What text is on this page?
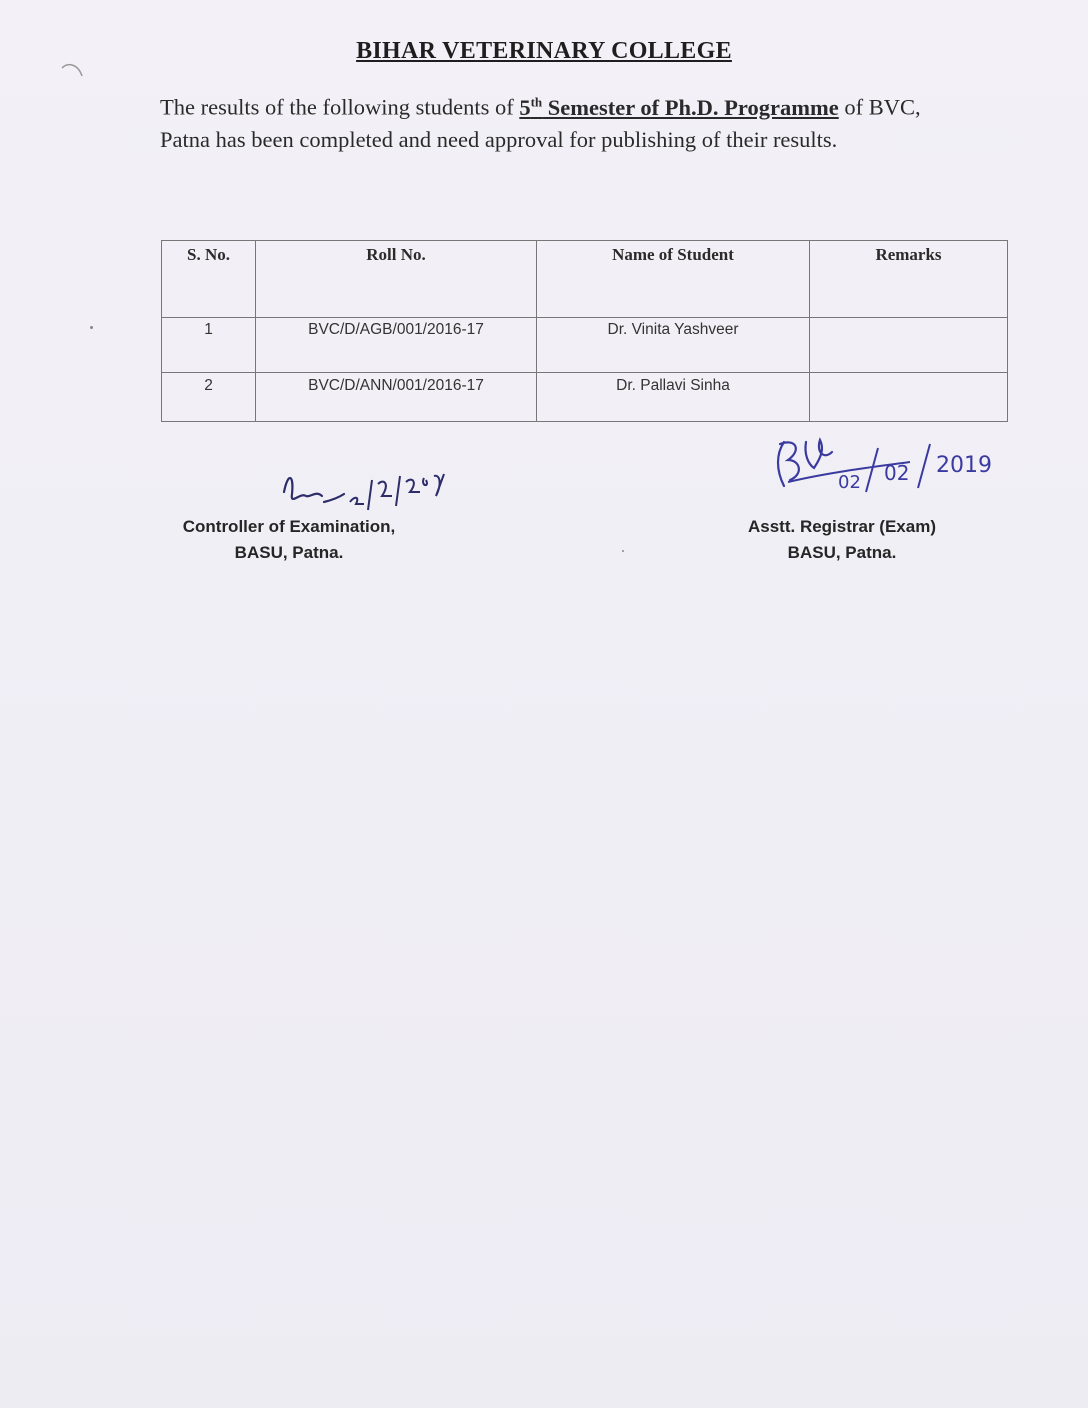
BIHAR VETERINARY COLLEGE
The results of the following students of 5th Semester of Ph.D. Programme of BVC, Patna has been completed and need approval for publishing of their results.
S. No.	Roll No.	Name of Student	Remarks
1	BVC/D/AGB/001/2016-17	Dr. Vinita Yashveer	
2	BVC/D/ANN/001/2016-17	Dr. Pallavi Sinha	
02 02 2019
Controller of Examination,
BASU, Patna.
Asstt. Registrar (Exam)
BASU, Patna.
